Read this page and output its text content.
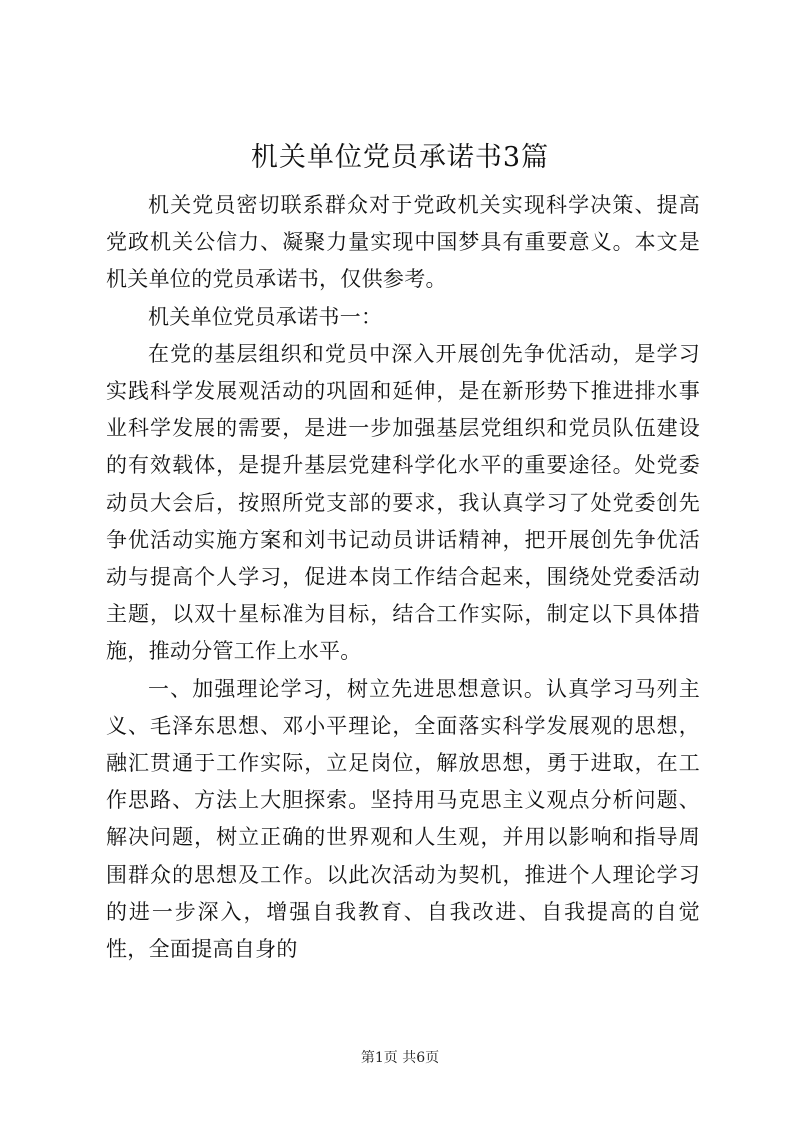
机关单位党员承诺书3篇

机关党员密切联系群众对于党政机关实现科学决策、提高党政机关公信力、凝聚力量实现中国梦具有重要意义。本文是机关单位的党员承诺书，仅供参考。

机关单位党员承诺书一：

在党的基层组织和党员中深入开展创先争优活动，是学习实践科学发展观活动的巩固和延伸，是在新形势下推进排水事业科学发展的需要，是进一步加强基层党组织和党员队伍建设的有效载体，是提升基层党建科学化水平的重要途径。处党委动员大会后，按照所党支部的要求，我认真学习了处党委创先争优活动实施方案和刘书记动员讲话精神，把开展创先争优活动与提高个人学习，促进本岗工作结合起来，围绕处党委活动主题，以双十星标准为目标，结合工作实际，制定以下具体措施，推动分管工作上水平。

一、加强理论学习，树立先进思想意识。认真学习马列主义、毛泽东思想、邓小平理论，全面落实科学发展观的思想，融汇贯通于工作实际，立足岗位，解放思想，勇于进取，在工作思路、方法上大胆探索。坚持用马克思主义观点分析问题、解决问题，树立正确的世界观和人生观，并用以影响和指导周围群众的思想及工作。以此次活动为契机，推进个人理论学习的进一步深入，增强自我教育、自我改进、自我提高的自觉性，全面提高自身的

第1页 共6页
